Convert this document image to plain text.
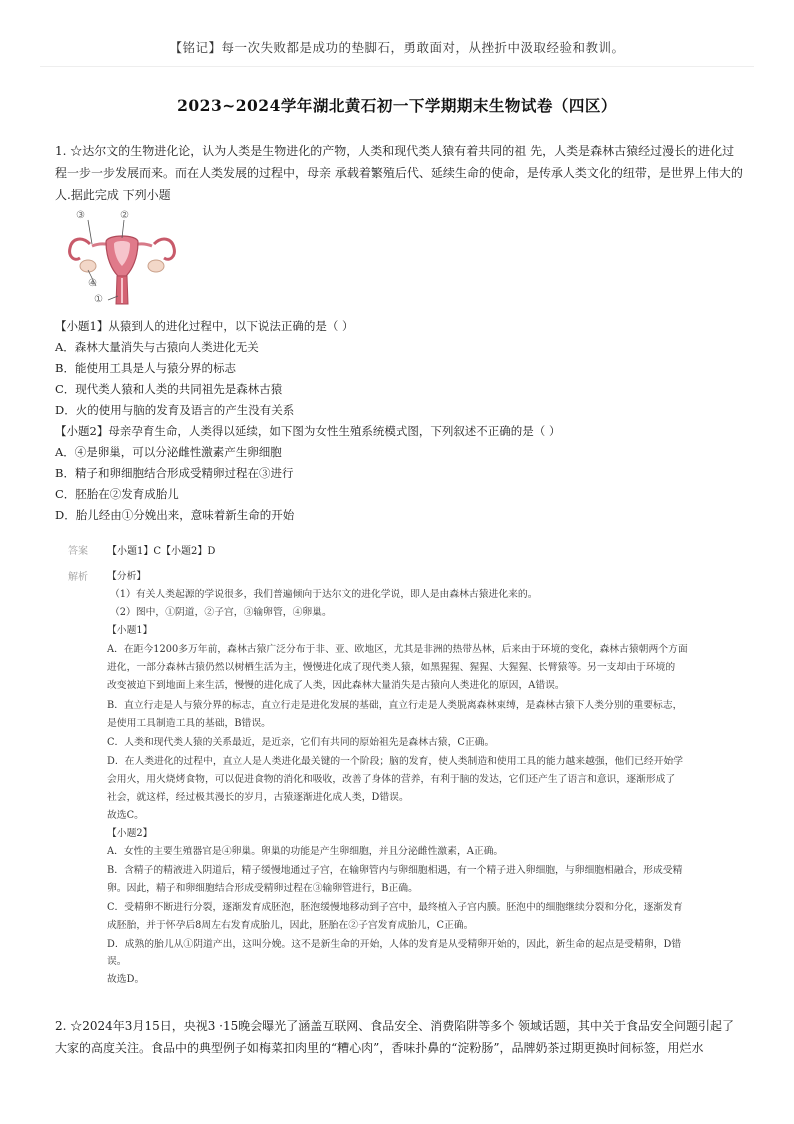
【铭记】每一次失败都是成功的垫脚石，勇敢面对，从挫折中汲取经验和教训。
2023~2024学年湖北黄石初一下学期期末生物试卷（四区）
1. ☆达尔文的生物进化论，认为人类是生物进化的产物，人类和现代类人猿有着共同的祖 先，人类是森林古猿经过漫长的进化过程一步一步发展而来。而在人类发展的过程中，母亲 承载着繁殖后代、延续生命的使命，是传承人类文化的纽带，是世界上伟大的人.据此完成 下列小题
③	②
④
①
【小题1】从猿到人的进化过程中，以下说法正确的是（ ）
A．森林大量消失与古猿向人类进化无关
B．能使用工具是人与猿分界的标志
C．现代类人猿和人类的共同祖先是森林古猿
D．火的使用与脑的发育及语言的产生没有关系
【小题2】母亲孕育生命，人类得以延续，如下图为女性生殖系统模式图，下列叙述不正确的是（ ）
A．④是卵巢，可以分泌雌性激素产生卵细胞
B．精子和卵细胞结合形成受精卵过程在③进行
C．胚胎在②发育成胎儿
D．胎儿经由①分娩出来，意味着新生命的开始
答案 【小题1】C【小题2】D
解析 【分析】
（1）有关人类起源的学说很多，我们普遍倾向于达尔文的进化学说，即人是由森林古猿进化来的。
（2）图中，①阴道，②子宫，③输卵管，④卵巢。
【小题1】
A．在距今1200多万年前，森林古猿广泛分布于非、亚、欧地区，尤其是非洲的热带丛林，后来由于环境的变化，森林古猿朝两个方面
进化，一部分森林古猿仍然以树栖生活为主，慢慢进化成了现代类人猿，如黑猩猩、猩猩、大猩猩、长臂猿等。另一支却由于环境的
改变被迫下到地面上来生活，慢慢的进化成了人类，因此森林大量消失是古猿向人类进化的原因，A错误。
B．直立行走是人与猿分界的标志，直立行走是进化发展的基础，直立行走是人类脱离森林束缚，是森林古猿下人类分别的重要标志，
是使用工具制造工具的基础，B错误。
C．人类和现代类人猿的关系最近，是近亲，它们有共同的原始祖先是森林古猿，C正确。
D．在人类进化的过程中，直立人是人类进化最关键的一个阶段；脑的发育，使人类制造和使用工具的能力越来越强，他们已经开始学
会用火，用火烧烤食物，可以促进食物的消化和吸收，改善了身体的营养，有利于脑的发达，它们还产生了语言和意识，逐渐形成了
社会，就这样，经过极其漫长的岁月，古猿逐渐进化成人类，D错误。
故选C。
【小题2】
A．女性的主要生殖器官是④卵巢。卵巢的功能是产生卵细胞，并且分泌雌性激素，A正确。
B．含精子的精液进入阴道后，精子缓慢地通过子宫，在输卵管内与卵细胞相遇，有一个精子进入卵细胞，与卵细胞相融合，形成受精
卵。因此，精子和卵细胞结合形成受精卵过程在③输卵管进行，B正确。
C．受精卵不断进行分裂，逐渐发育成胚泡，胚泡缓慢地移动到子宫中，最终植入子宫内膜。胚泡中的细胞继续分裂和分化，逐渐发育
成胚胎，并于怀孕后8周左右发育成胎儿，因此，胚胎在②子宫发育成胎儿，C正确。
D．成熟的胎儿从①阴道产出，这叫分娩。这不是新生命的开始，人体的发育是从受精卵开始的，因此，新生命的起点是受精卵，D错
误。
故选D。
2. ☆2024年3月15日，央视3 ·15晚会曝光了涵盖互联网、食品安全、消费陷阱等多个 领域话题，其中关于食品安全问题引起了大家的高度关注。食品中的典型例子如梅菜扣肉里的“糟心肉”，香味扑鼻的“淀粉肠”，品牌奶茶过期更换时间标签，用烂水
